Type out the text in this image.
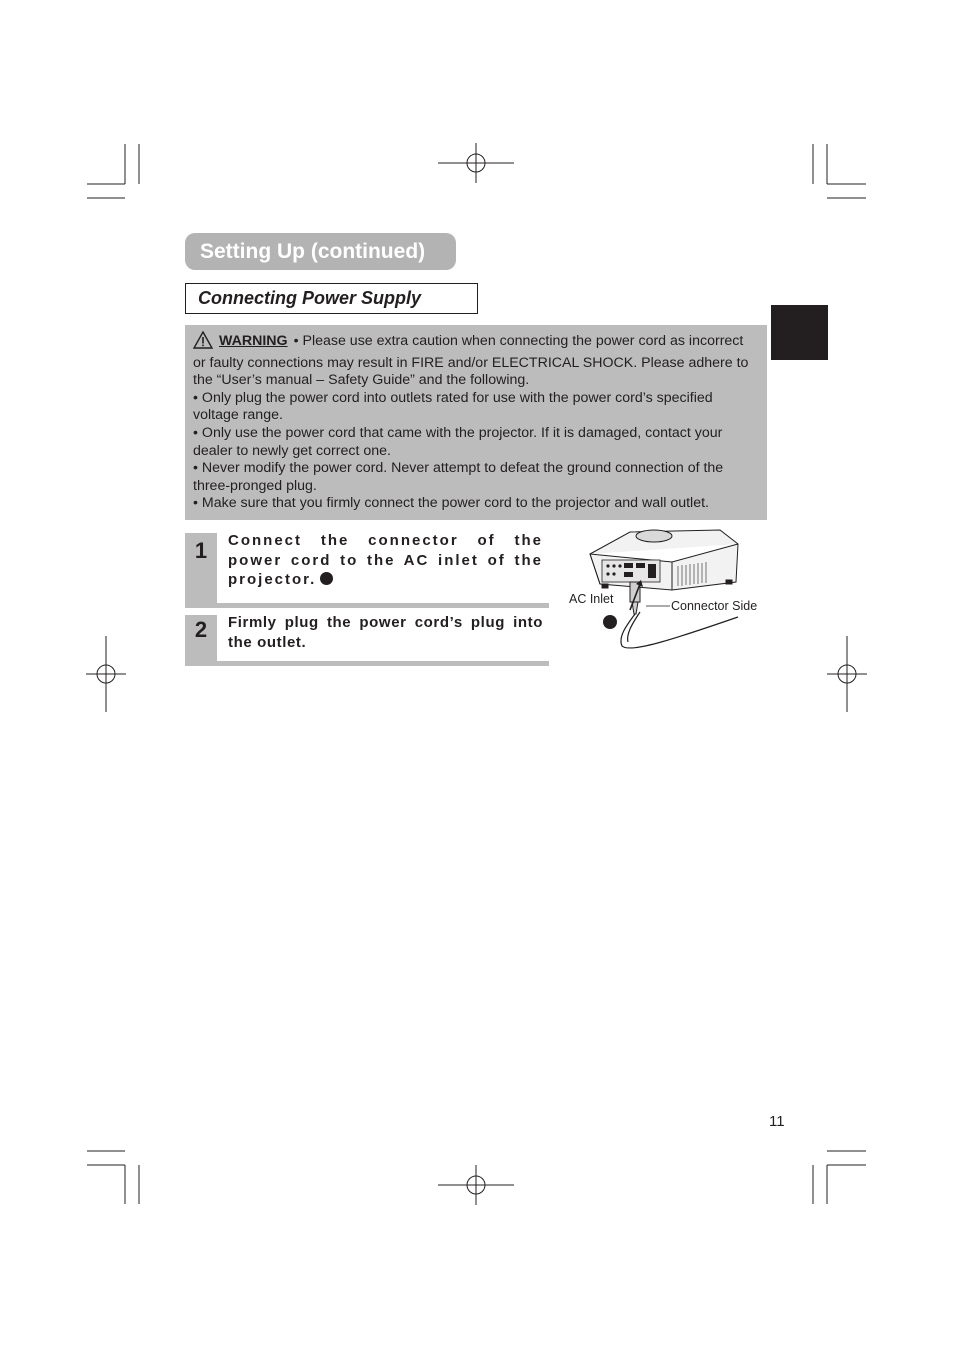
Setting Up (continued)
Connecting Power Supply

WARNING • Please use extra caution when connecting the power cord as incorrect or faulty connections may result in FIRE and/or ELECTRICAL SHOCK. Please adhere to the “User’s manual – Safety Guide” and the following.

• Only plug the power cord into outlets rated for use with the power cord’s specified voltage range.

• Only use the power cord that came with the projector. If it is damaged, contact your dealer to newly get correct one.

• Never modify the power cord. Never attempt to defeat the ground connection of the three-pronged plug.

• Make sure that you firmly connect the power cord to the projector and wall outlet.

1	Connect the connector of the power cord to the AC inlet of the projector.
2	Firmly plug the power cord’s plug into the outlet.
AC Inlet	Connector Side
11
